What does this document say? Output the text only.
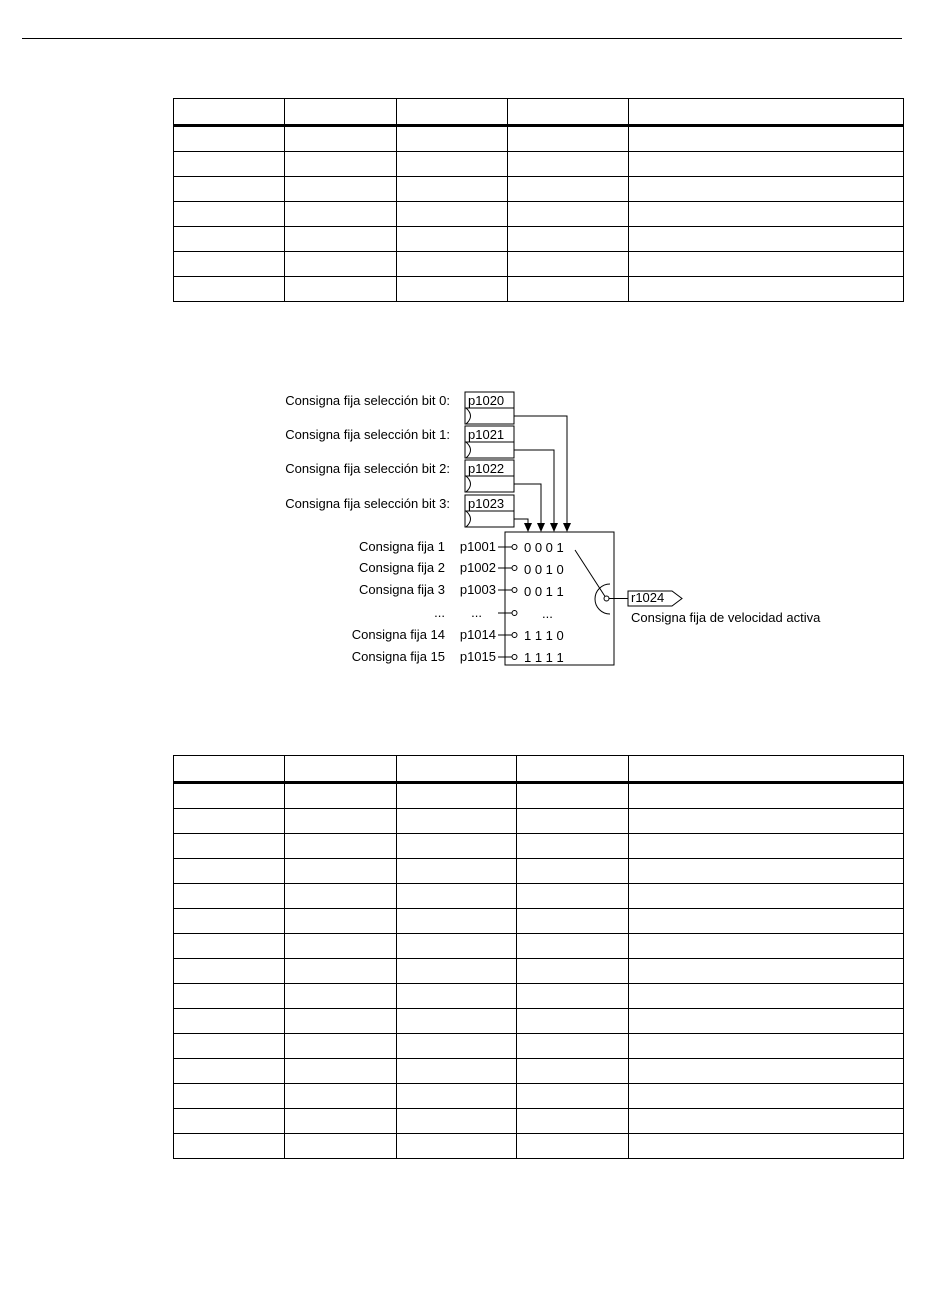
Consigna fija selección bit 0:
Consigna fija selección bit 1:
Consigna fija selección bit 2:
Consigna fija selección bit 3:
p1020
p1021
p1022
p1023
Consigna fija 1
Consigna fija 2
Consigna fija 3
...
Consigna fija 14
Consigna fija 15
p1001
p1002
p1003
...
p1014
p1015
0 0 0 1
0 0 1 0
0 0 1 1
...
1 1 1 0
1 1 1 1
r1024
Consigna fija de velocidad activa
